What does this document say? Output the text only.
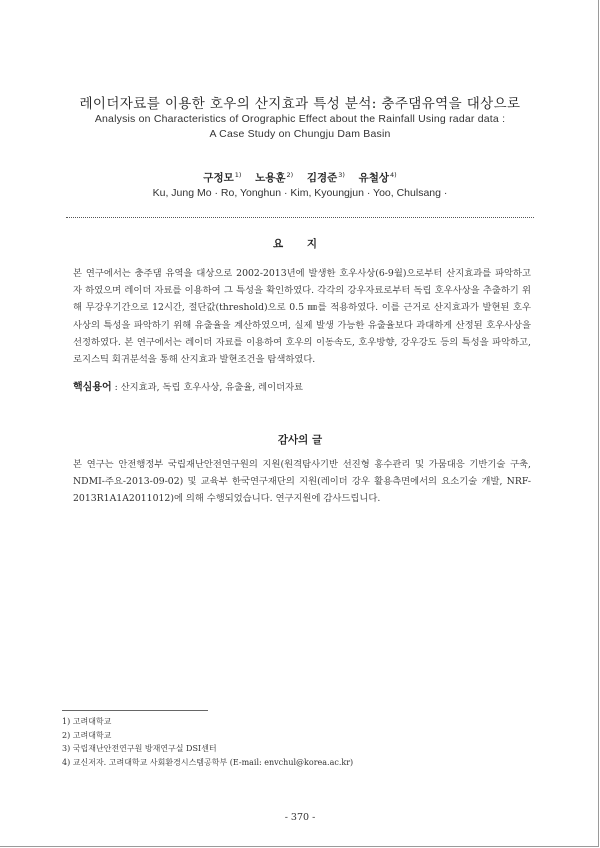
레이더자료를 이용한 호우의 산지효과 특성 분석: 충주댐유역을 대상으로
Analysis on Characteristics of Orographic Effect about the Rainfall Using radar data :
A Case Study on Chungju Dam Basin
구정모$^{1)}$ 노용훈$^{2)}$ 김경준$^{3)}$ 유철상$^{4)}$
Ku, Jung Mo · Ro, Yonghun · Kim, Kyoungjun · Yoo, Chulsang ·
요 지
본 연구에서는 충주댐 유역을 대상으로 2002-2013년에 발생한 호우사상(6-9월)으로부터 산지효과를 파악하고자 하였으며 레이더 자료를 이용하여 그 특성을 확인하였다. 각각의 강우자료로부터 독립 호우사상을 추출하기 위해 무강우기간으로 12시간, 절단값(threshold)으로 0.5 ㎜를 적용하였다. 이를 근거로 산지효과가 발현된 호우사상의 특성을 파악하기 위해 유출율을 계산하였으며, 실제 발생 가능한 유출율보다 과대하게 산정된 호우사상을 선정하였다. 본 연구에서는 레이더 자료를 이용하여 호우의 이동속도, 호우방향, 강우강도 등의 특성을 파악하고, 로지스틱 회귀분석을 통해 산지효과 발현조건을 탐색하였다.
핵심용어 : 산지효과, 독립 호우사상, 유출율, 레이더자료
감사의 글
본 연구는 안전행정부 국립재난안전연구원의 지원(원격탐사기반 선진형 홍수관리 및 가뭄대응 기반기술 구축, NDMI-주요-2013-09-02) 및 교육부 한국연구재단의 지원(레이더 강우 활용측면에서의 요소기술 개발, NRF-2013R1A1A2011012)에 의해 수행되었습니다. 연구지원에 감사드립니다.
1) 고려대학교
2) 고려대학교
3) 국립재난안전연구원 방재연구실 DSI센터
4) 교신저자. 고려대학교 사회환경시스템공학부 (E-mail: envchul@korea.ac.kr)
- 370 -
